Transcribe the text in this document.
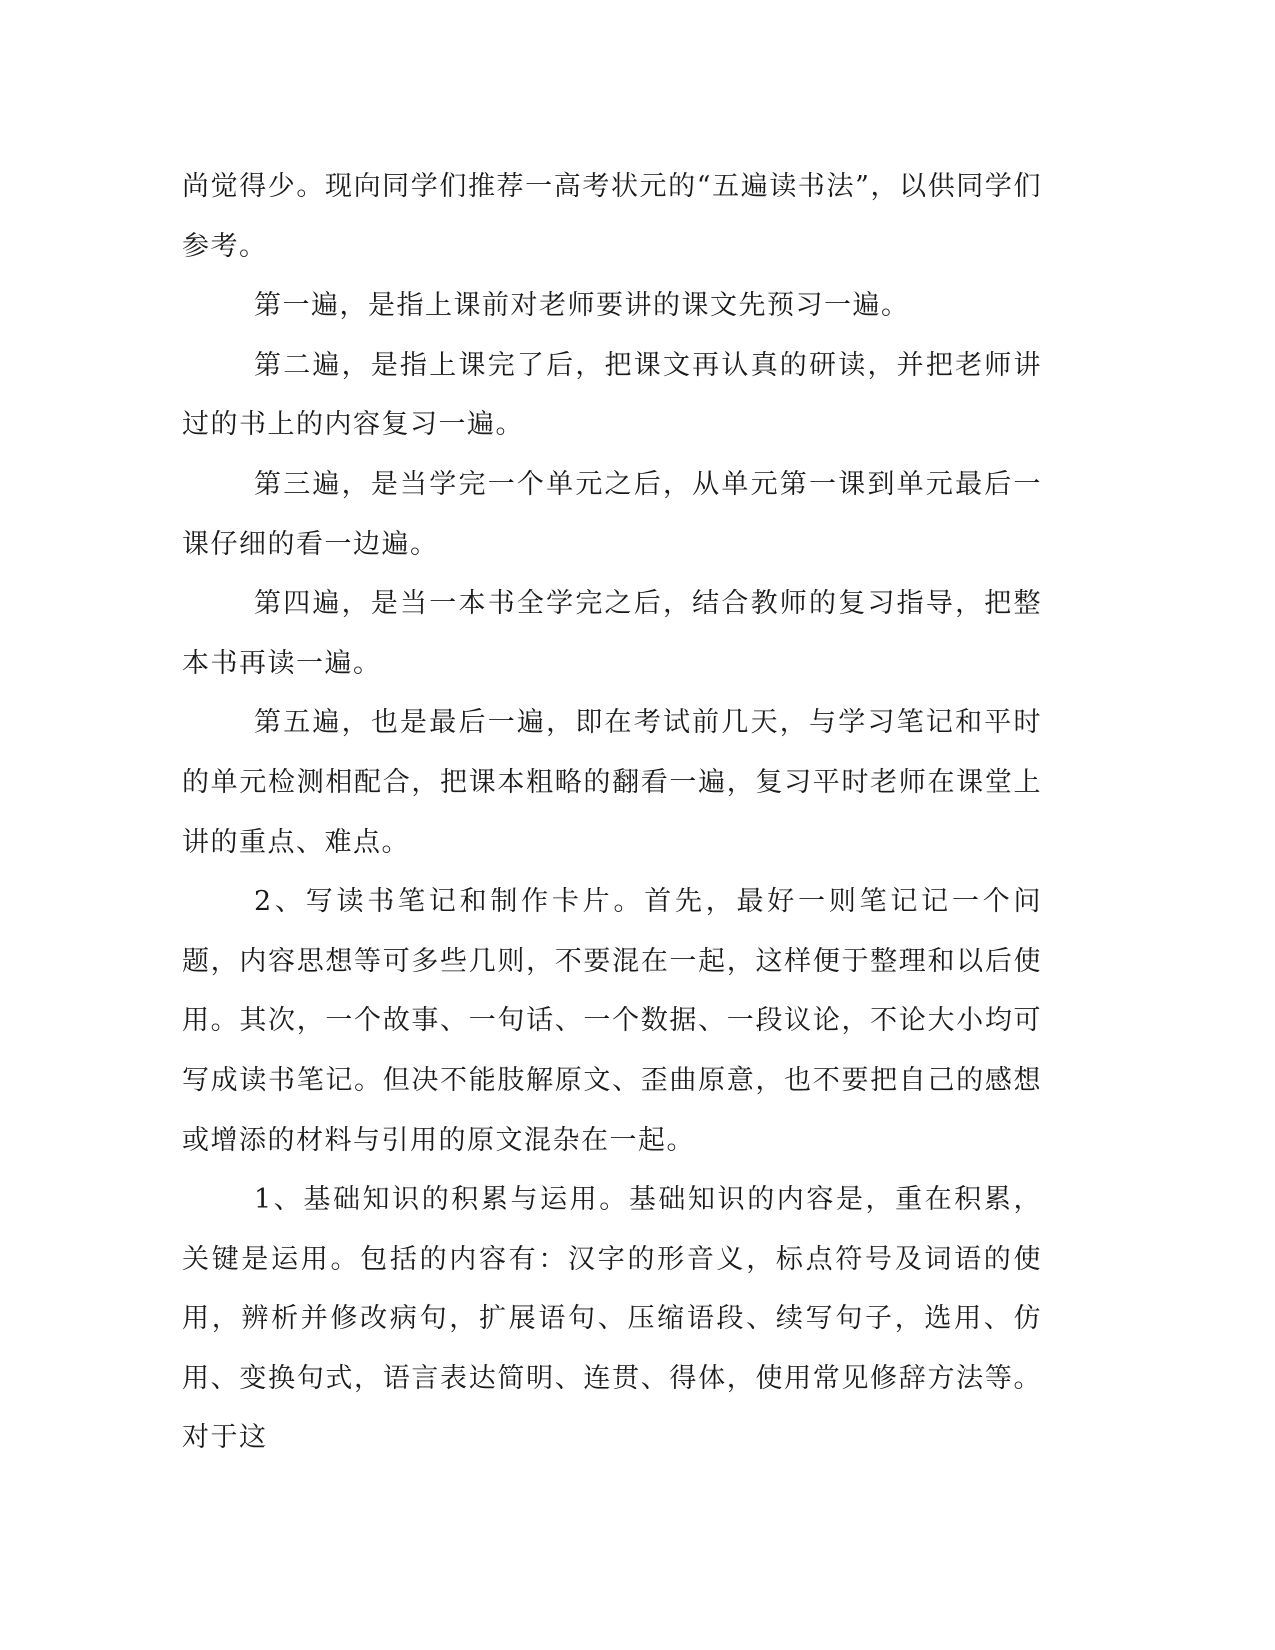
尚觉得少。现向同学们推荐一高考状元的“五遍读书法”，以供同学们参考。

第一遍，是指上课前对老师要讲的课文先预习一遍。

第二遍，是指上课完了后，把课文再认真的研读，并把老师讲过的书上的内容复习一遍。

第三遍，是当学完一个单元之后，从单元第一课到单元最后一课仔细的看一边遍。

第四遍，是当一本书全学完之后，结合教师的复习指导，把整本书再读一遍。

第五遍，也是最后一遍，即在考试前几天，与学习笔记和平时的单元检测相配合，把课本粗略的翻看一遍，复习平时老师在课堂上讲的重点、难点。

2、写读书笔记和制作卡片。首先，最好一则笔记记一个问题，内容思想等可多些几则，不要混在一起，这样便于整理和以后使用。其次，一个故事、一句话、一个数据、一段议论，不论大小均可写成读书笔记。但决不能肢解原文、歪曲原意，也不要把自己的感想或增添的材料与引用的原文混杂在一起。

1、基础知识的积累与运用。基础知识的内容是，重在积累，关键是运用。包括的内容有：汉字的形音义，标点符号及词语的使用，辨析并修改病句，扩展语句、压缩语段、续写句子，选用、仿用、变换句式，语言表达简明、连贯、得体，使用常见修辞方法等。对于这
